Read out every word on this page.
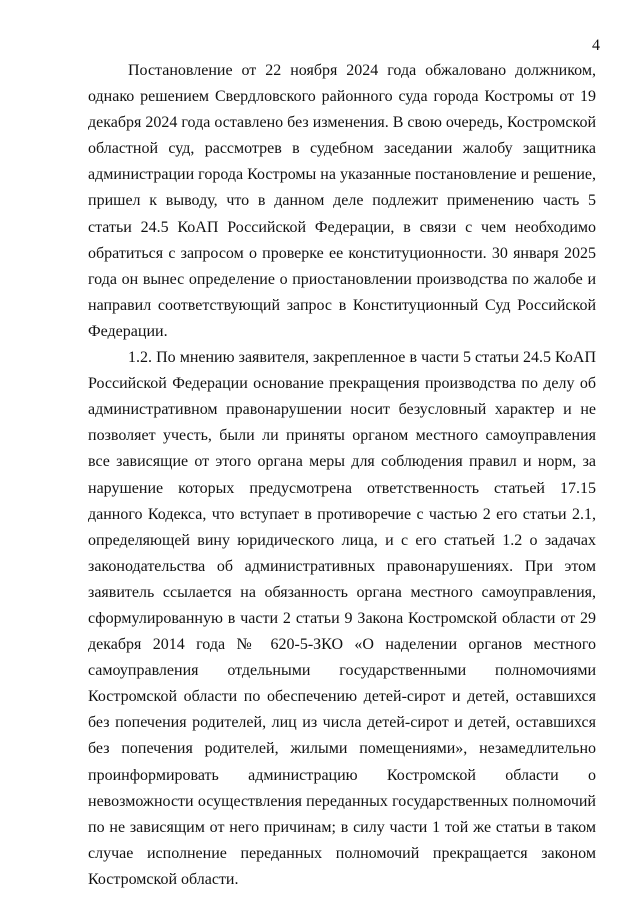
4

Постановление от 22 ноября 2024 года обжаловано должником, однако решением Свердловского районного суда города Костромы от 19 декабря 2024 года оставлено без изменения. В свою очередь, Костромской областной суд, рассмотрев в судебном заседании жалобу защитника администрации города Костромы на указанные постановление и решение, пришел к выводу, что в данном деле подлежит применению часть 5 статьи 24.5 КоАП Российской Федерации, в связи с чем необходимо обратиться с запросом о проверке ее конституционности. 30 января 2025 года он вынес определение о приостановлении производства по жалобе и направил соответствующий запрос в Конституционный Суд Российской Федерации.

1.2. По мнению заявителя, закрепленное в части 5 статьи 24.5 КоАП Российской Федерации основание прекращения производства по делу об административном правонарушении носит безусловный характер и не позволяет учесть, были ли приняты органом местного самоуправления все зависящие от этого органа меры для соблюдения правил и норм, за нарушение которых предусмотрена ответственность статьей 17.15 данного Кодекса, что вступает в противоречие с частью 2 его статьи 2.1, определяющей вину юридического лица, и с его статьей 1.2 о задачах законодательства об административных правонарушениях. При этом заявитель ссылается на обязанность органа местного самоуправления, сформулированную в части 2 статьи 9 Закона Костромской области от 29 декабря 2014 года № 620-5-ЗКО «О наделении органов местного самоуправления отдельными государственными полномочиями Костромской области по обеспечению детей-сирот и детей, оставшихся без попечения родителей, лиц из числа детей-сирот и детей, оставшихся без попечения родителей, жилыми помещениями», незамедлительно проинформировать администрацию Костромской области о невозможности осуществления переданных государственных полномочий по не зависящим от него причинам; в силу части 1 той же статьи в таком случае исполнение переданных полномочий прекращается законом Костромской области.
